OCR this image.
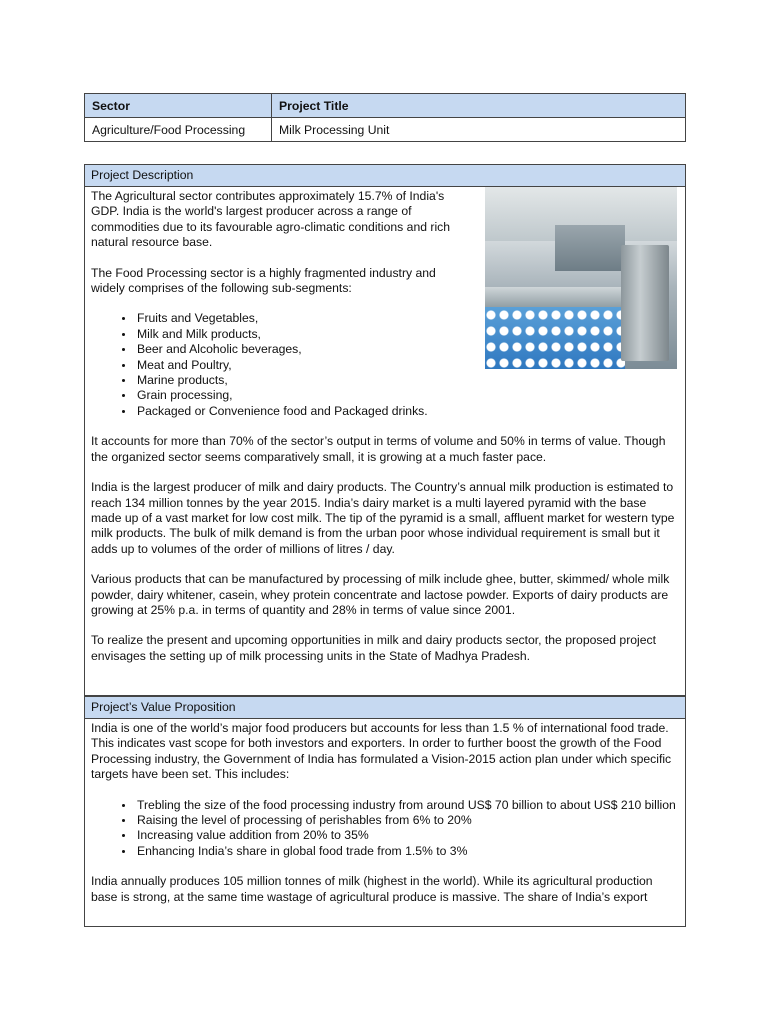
Sector	Project Title
Agriculture/Food Processing	Milk Processing Unit
Project Description

The Agricultural sector contributes approximately 15.7% of India's GDP. India is the world's largest producer across a range of commodities due to its favourable agro-climatic conditions and rich natural resource base.

The Food Processing sector is a highly fragmented industry and widely comprises of the following sub-segments:

• Fruits and Vegetables,
• Milk and Milk products,
• Beer and Alcoholic beverages,
• Meat and Poultry,
• Marine products,
• Grain processing,
• Packaged or Convenience food and Packaged drinks.

It accounts for more than 70% of the sector’s output in terms of volume and 50% in terms of value. Though the organized sector seems comparatively small, it is growing at a much faster pace.

India is the largest producer of milk and dairy products. The Country’s annual milk production is estimated to reach 134 million tonnes by the year 2015. India’s dairy market is a multi layered pyramid with the base made up of a vast market for low cost milk. The tip of the pyramid is a small, affluent market for western type milk products. The bulk of milk demand is from the urban poor whose individual requirement is small but it adds up to volumes of the order of millions of litres / day.

Various products that can be manufactured by processing of milk include ghee, butter, skimmed/ whole milk powder, dairy whitener, casein, whey protein concentrate and lactose powder. Exports of dairy products are growing at 25% p.a. in terms of quantity and 28% in terms of value since 2001.

To realize the present and upcoming opportunities in milk and dairy products sector, the proposed project envisages the setting up of milk processing units in the State of Madhya Pradesh.

Project’s Value Proposition

India is one of the world’s major food producers but accounts for less than 1.5 % of international food trade. This indicates vast scope for both investors and exporters. In order to further boost the growth of the Food Processing industry, the Government of India has formulated a Vision-2015 action plan under which specific targets have been set. This includes:

• Trebling the size of the food processing industry from around US$ 70 billion to about US$ 210 billion
• Raising the level of processing of perishables from 6% to 20%
• Increasing value addition from 20% to 35%
• Enhancing India’s share in global food trade from 1.5% to 3%

India annually produces 105 million tonnes of milk (highest in the world). While its agricultural production base is strong, at the same time wastage of agricultural produce is massive. The share of India’s export
